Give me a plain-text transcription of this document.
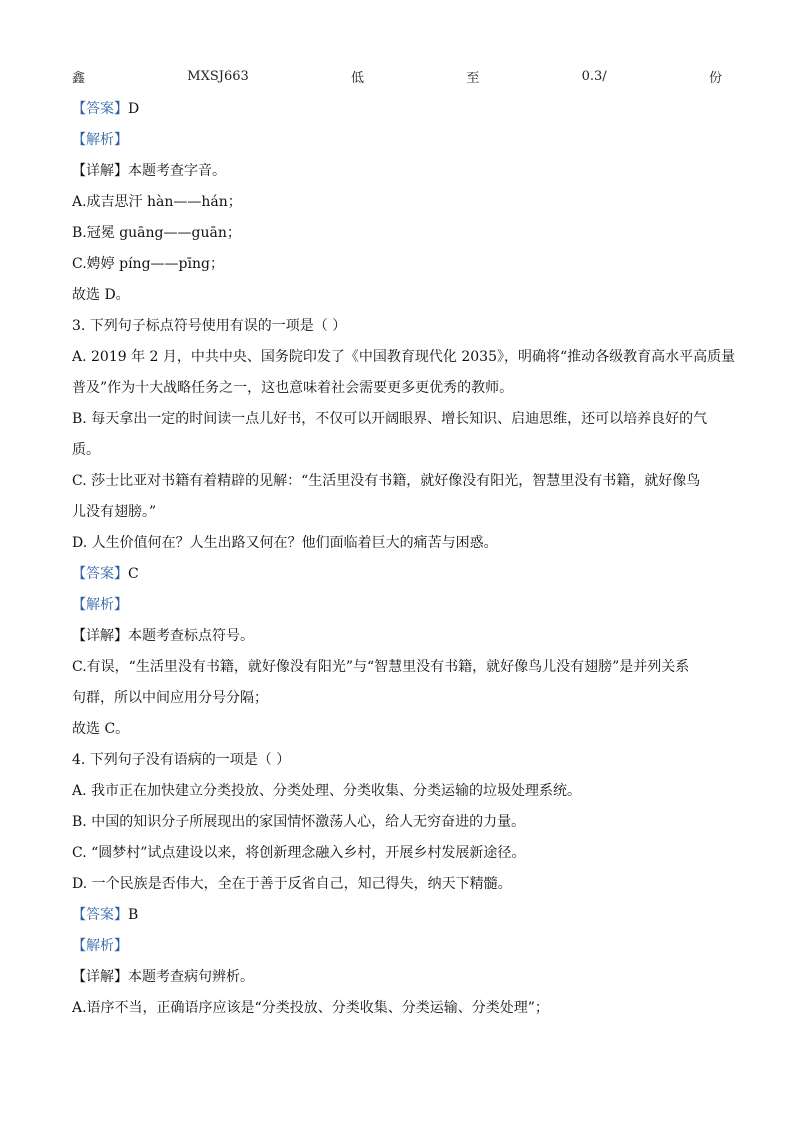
鑫	MXSJ663	低	至	0.3/	份
【答案】D
【解析】
【详解】本题考查字音。
A.成吉思汗 hàn——hán；
B.冠冕 guāng——guān；
C.娉婷 píng——pīng；
故选 D。
3. 下列句子标点符号使用有误的一项是（ ）
A. 2019 年 2 月，中共中央、国务院印发了《中国教育现代化 2035》，明确将“推动各级教育高水平高质量
普及”作为十大战略任务之一，这也意味着社会需要更多更优秀的教师。
B. 每天拿出一定的时间读一点儿好书，不仅可以开阔眼界、增长知识、启迪思维，还可以培养良好的气
质。
C. 莎士比亚对书籍有着精辟的见解：“生活里没有书籍，就好像没有阳光，智慧里没有书籍，就好像鸟
儿没有翅膀。”
D. 人生价值何在？人生出路又何在？他们面临着巨大的痛苦与困惑。
【答案】C
【解析】
【详解】本题考查标点符号。
C.有误，“生活里没有书籍，就好像没有阳光”与“智慧里没有书籍，就好像鸟儿没有翅膀”是并列关系
句群，所以中间应用分号分隔；
故选 C。
4. 下列句子没有语病的一项是（ ）
A. 我市正在加快建立分类投放、分类处理、分类收集、分类运输的垃圾处理系统。
B. 中国的知识分子所展现出的家国情怀激荡人心，给人无穷奋进的力量。
C. “圆梦村”试点建设以来，将创新理念融入乡村，开展乡村发展新途径。
D. 一个民族是否伟大，全在于善于反省自己，知己得失，纳天下精髓。
【答案】B
【解析】
【详解】本题考查病句辨析。
A.语序不当，正确语序应该是“分类投放、分类收集、分类运输、分类处理”；
